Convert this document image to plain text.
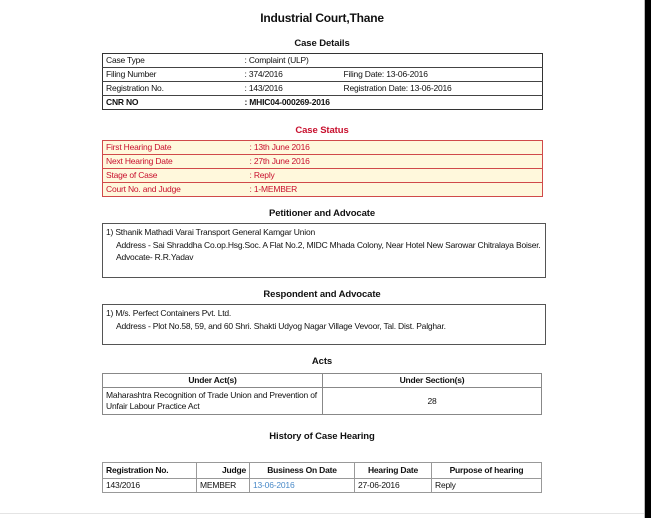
Industrial Court,Thane
Case Details
Case Type	: Complaint (ULP)	
Filing Number	: 374/2016	Filing Date: 13-06-2016
Registration No.	: 143/2016	Registration Date: 13-06-2016
CNR NO	: MHIC04-000269-2016	
Case Status
First Hearing Date	: 13th June 2016
Next Hearing Date	: 27th June 2016
Stage of Case	: Reply
Court No. and Judge	: 1-MEMBER
Petitioner and Advocate
1) Sthanik Mathadi Varai Transport General Kamgar Union
Address - Sai Shraddha Co.op.Hsg.Soc. A Flat No.2, MIDC Mhada Colony, Near Hotel New Sarowar Chitralaya Boiser.
Advocate- R.R.Yadav
Respondent and Advocate
1) M/s. Perfect Containers Pvt. Ltd.
Address - Plot No.58, 59, and 60 Shri. Shakti Udyog Nagar Village Vevoor, Tal. Dist. Palghar.
Acts
Under Act(s)	Under Section(s)
Maharashtra Recognition of Trade Union and Prevention of Unfair Labour Practice Act	28
History of Case Hearing
Registration No.	Judge	Business On Date	Hearing Date	Purpose of hearing
143/2016	MEMBER	13-06-2016	27-06-2016	Reply
